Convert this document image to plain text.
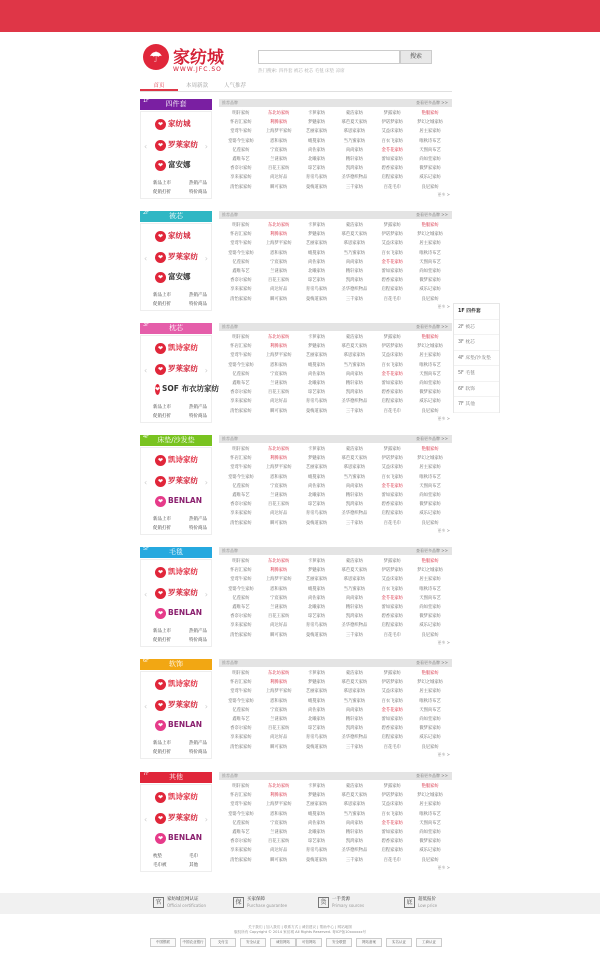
☂ 家纺城
WWW.JFC.SO
搜索
热门搜索: 四件套 被芯 枕芯 毛毯 床垫 凉席
首页	本周新款	人气推荐
四件套
1F
‹	›
❤ 家纺城
❤ 罗莱家纺
❤ 富安娜
新品上市	热销产品
促销打折	特价商品
推荐品牌	查看更多品牌 >>
明轩家纺	东北坊家纺	卡萝家纺	蒙洁家纺	梦露家纺	艳服家纺
怀岩汇家纺	利腾家纺	梦魅家纺	慕芭夏天家纺	伊诺梦家纺	梦幻之城家纺
堂莺牛家纺	上海梦平家纺	艺丽家家纺	慕思家家纺	艾益床家纺	居主家家纺
堂婆今生家纺	恩和家纺	蜻蔓家纺	当乃蜜家纺	百衣飞家纺	唯秋诗布艺
亿莲家纺	宁宸家纺	尚佐家纺	尚尚家纺	金苓花家纺	天图尚布艺
鑫唯布艺	兰谜家纺	北曦家纺	精轩家纺	蕾如家家纺	尚如堂家纺
香奈尔家纺	百花王家纺	琼艺家纺	凯鸿家纺	碧香家家纺	微梦家家纺
享来家家纺	尚达好品	育帝鸟家纺	圣华德织物品	启程家家纺	威乐记家纺
清怡家家纺	瞬可家纺	曼梅道家纺	三千家纺	百花毛巾	良尼家纺
更多 >
被芯
2F
‹	›
❤ 家纺城
❤ 罗莱家纺
❤ 富安娜
新品上市	热销产品
促销打折	特价商品
推荐品牌	查看更多品牌 >>
明轩家纺	东北坊家纺	卡萝家纺	蒙洁家纺	梦露家纺	艳服家纺
怀岩汇家纺	利腾家纺	梦魅家纺	慕芭夏天家纺	伊诺梦家纺	梦幻之城家纺
堂莺牛家纺	上海梦平家纺	艺丽家家纺	慕思家家纺	艾益床家纺	居主家家纺
堂婆今生家纺	恩和家纺	蜻蔓家纺	当乃蜜家纺	百衣飞家纺	唯秋诗布艺
亿莲家纺	宁宸家纺	尚佐家纺	尚尚家纺	金苓花家纺	天图尚布艺
鑫唯布艺	兰谜家纺	北曦家纺	精轩家纺	蕾如家家纺	尚如堂家纺
香奈尔家纺	百花王家纺	琼艺家纺	凯鸿家纺	碧香家家纺	微梦家家纺
享来家家纺	尚达好品	育帝鸟家纺	圣华德织物品	启程家家纺	威乐记家纺
清怡家家纺	瞬可家纺	曼梅道家纺	三千家纺	百花毛巾	良尼家纺
更多 >
枕芯
3F
‹	›
❤ 凯诗家纺
❤ 罗莱家纺
❤ SOF 布衣坊家纺
新品上市	热销产品
促销打折	特价商品
推荐品牌	查看更多品牌 >>
明轩家纺	东北坊家纺	卡萝家纺	蒙洁家纺	梦露家纺	艳服家纺
怀岩汇家纺	利腾家纺	梦魅家纺	慕芭夏天家纺	伊诺梦家纺	梦幻之城家纺
堂莺牛家纺	上海梦平家纺	艺丽家家纺	慕思家家纺	艾益床家纺	居主家家纺
堂婆今生家纺	恩和家纺	蜻蔓家纺	当乃蜜家纺	百衣飞家纺	唯秋诗布艺
亿莲家纺	宁宸家纺	尚佐家纺	尚尚家纺	金苓花家纺	天图尚布艺
鑫唯布艺	兰谜家纺	北曦家纺	精轩家纺	蕾如家家纺	尚如堂家纺
香奈尔家纺	百花王家纺	琼艺家纺	凯鸿家纺	碧香家家纺	微梦家家纺
享来家家纺	尚达好品	育帝鸟家纺	圣华德织物品	启程家家纺	威乐记家纺
清怡家家纺	瞬可家纺	曼梅道家纺	三千家纺	百花毛巾	良尼家纺
更多 >
床垫/沙发垫
4F
‹	›
❤ 凯诗家纺
❤ 罗莱家纺
❤ BENLAN
新品上市	热销产品
促销打折	特价商品
推荐品牌	查看更多品牌 >>
明轩家纺	东北坊家纺	卡萝家纺	蒙洁家纺	梦露家纺	艳服家纺
怀岩汇家纺	利腾家纺	梦魅家纺	慕芭夏天家纺	伊诺梦家纺	梦幻之城家纺
堂莺牛家纺	上海梦平家纺	艺丽家家纺	慕思家家纺	艾益床家纺	居主家家纺
堂婆今生家纺	恩和家纺	蜻蔓家纺	当乃蜜家纺	百衣飞家纺	唯秋诗布艺
亿莲家纺	宁宸家纺	尚佐家纺	尚尚家纺	金苓花家纺	天图尚布艺
鑫唯布艺	兰谜家纺	北曦家纺	精轩家纺	蕾如家家纺	尚如堂家纺
香奈尔家纺	百花王家纺	琼艺家纺	凯鸿家纺	碧香家家纺	微梦家家纺
享来家家纺	尚达好品	育帝鸟家纺	圣华德织物品	启程家家纺	威乐记家纺
清怡家家纺	瞬可家纺	曼梅道家纺	三千家纺	百花毛巾	良尼家纺
更多 >
毛毯
5F
‹	›
❤ 凯诗家纺
❤ 罗莱家纺
❤ BENLAN
新品上市	热销产品
促销打折	特价商品
推荐品牌	查看更多品牌 >>
明轩家纺	东北坊家纺	卡萝家纺	蒙洁家纺	梦露家纺	艳服家纺
怀岩汇家纺	利腾家纺	梦魅家纺	慕芭夏天家纺	伊诺梦家纺	梦幻之城家纺
堂莺牛家纺	上海梦平家纺	艺丽家家纺	慕思家家纺	艾益床家纺	居主家家纺
堂婆今生家纺	恩和家纺	蜻蔓家纺	当乃蜜家纺	百衣飞家纺	唯秋诗布艺
亿莲家纺	宁宸家纺	尚佐家纺	尚尚家纺	金苓花家纺	天图尚布艺
鑫唯布艺	兰谜家纺	北曦家纺	精轩家纺	蕾如家家纺	尚如堂家纺
香奈尔家纺	百花王家纺	琼艺家纺	凯鸿家纺	碧香家家纺	微梦家家纺
享来家家纺	尚达好品	育帝鸟家纺	圣华德织物品	启程家家纺	威乐记家纺
清怡家家纺	瞬可家纺	曼梅道家纺	三千家纺	百花毛巾	良尼家纺
更多 >
软饰
6F
‹	›
❤ 凯诗家纺
❤ 罗莱家纺
❤ BENLAN
新品上市	热销产品
促销打折	特价商品
推荐品牌	查看更多品牌 >>
明轩家纺	东北坊家纺	卡萝家纺	蒙洁家纺	梦露家纺	艳服家纺
怀岩汇家纺	利腾家纺	梦魅家纺	慕芭夏天家纺	伊诺梦家纺	梦幻之城家纺
堂莺牛家纺	上海梦平家纺	艺丽家家纺	慕思家家纺	艾益床家纺	居主家家纺
堂婆今生家纺	恩和家纺	蜻蔓家纺	当乃蜜家纺	百衣飞家纺	唯秋诗布艺
亿莲家纺	宁宸家纺	尚佐家纺	尚尚家纺	金苓花家纺	天图尚布艺
鑫唯布艺	兰谜家纺	北曦家纺	精轩家纺	蕾如家家纺	尚如堂家纺
香奈尔家纺	百花王家纺	琼艺家纺	凯鸿家纺	碧香家家纺	微梦家家纺
享来家家纺	尚达好品	育帝鸟家纺	圣华德织物品	启程家家纺	威乐记家纺
清怡家家纺	瞬可家纺	曼梅道家纺	三千家纺	百花毛巾	良尼家纺
更多 >
其他
7F
‹	›
❤ 凯诗家纺
❤ 罗莱家纺
❤ BENLAN
枕垫	毛巾
毛巾被	其他
推荐品牌	查看更多品牌 >>
明轩家纺	东北坊家纺	卡萝家纺	蒙洁家纺	梦露家纺	艳服家纺
怀岩汇家纺	利腾家纺	梦魅家纺	慕芭夏天家纺	伊诺梦家纺	梦幻之城家纺
堂莺牛家纺	上海梦平家纺	艺丽家家纺	慕思家家纺	艾益床家纺	居主家家纺
堂婆今生家纺	恩和家纺	蜻蔓家纺	当乃蜜家纺	百衣飞家纺	唯秋诗布艺
亿莲家纺	宁宸家纺	尚佐家纺	尚尚家纺	金苓花家纺	天图尚布艺
鑫唯布艺	兰谜家纺	北曦家纺	精轩家纺	蕾如家家纺	尚如堂家纺
香奈尔家纺	百花王家纺	琼艺家纺	凯鸿家纺	碧香家家纺	微梦家家纺
享来家家纺	尚达好品	育帝鸟家纺	圣华德织物品	启程家家纺	威乐记家纺
清怡家家纺	瞬可家纺	曼梅道家纺	三千家纺	百花毛巾	良尼家纺
更多 >
1F 四件套
2F 被芯
3F 枕芯
4F 床垫/沙发垫
5F 毛毯
6F 软饰
7F 其他
官	家纺城官网认证
Official certification	保	买家保障
Purchase guarantee	货	一手货源
Primary sources	底	超低报价
Low price
关于我们 | 加入我们 | 联系方式 | 诚信建议 | 帮助中心 | 网站地图
版权所有 Copyright © 2014 家纺城 All Rights Reserved. 粤ICP备10xxxxxx号
中国银联	中国农业银行	支付宝	安全认证	诚信网站	可信网站	安全联盟	网站备案	实名认证	工商认证
